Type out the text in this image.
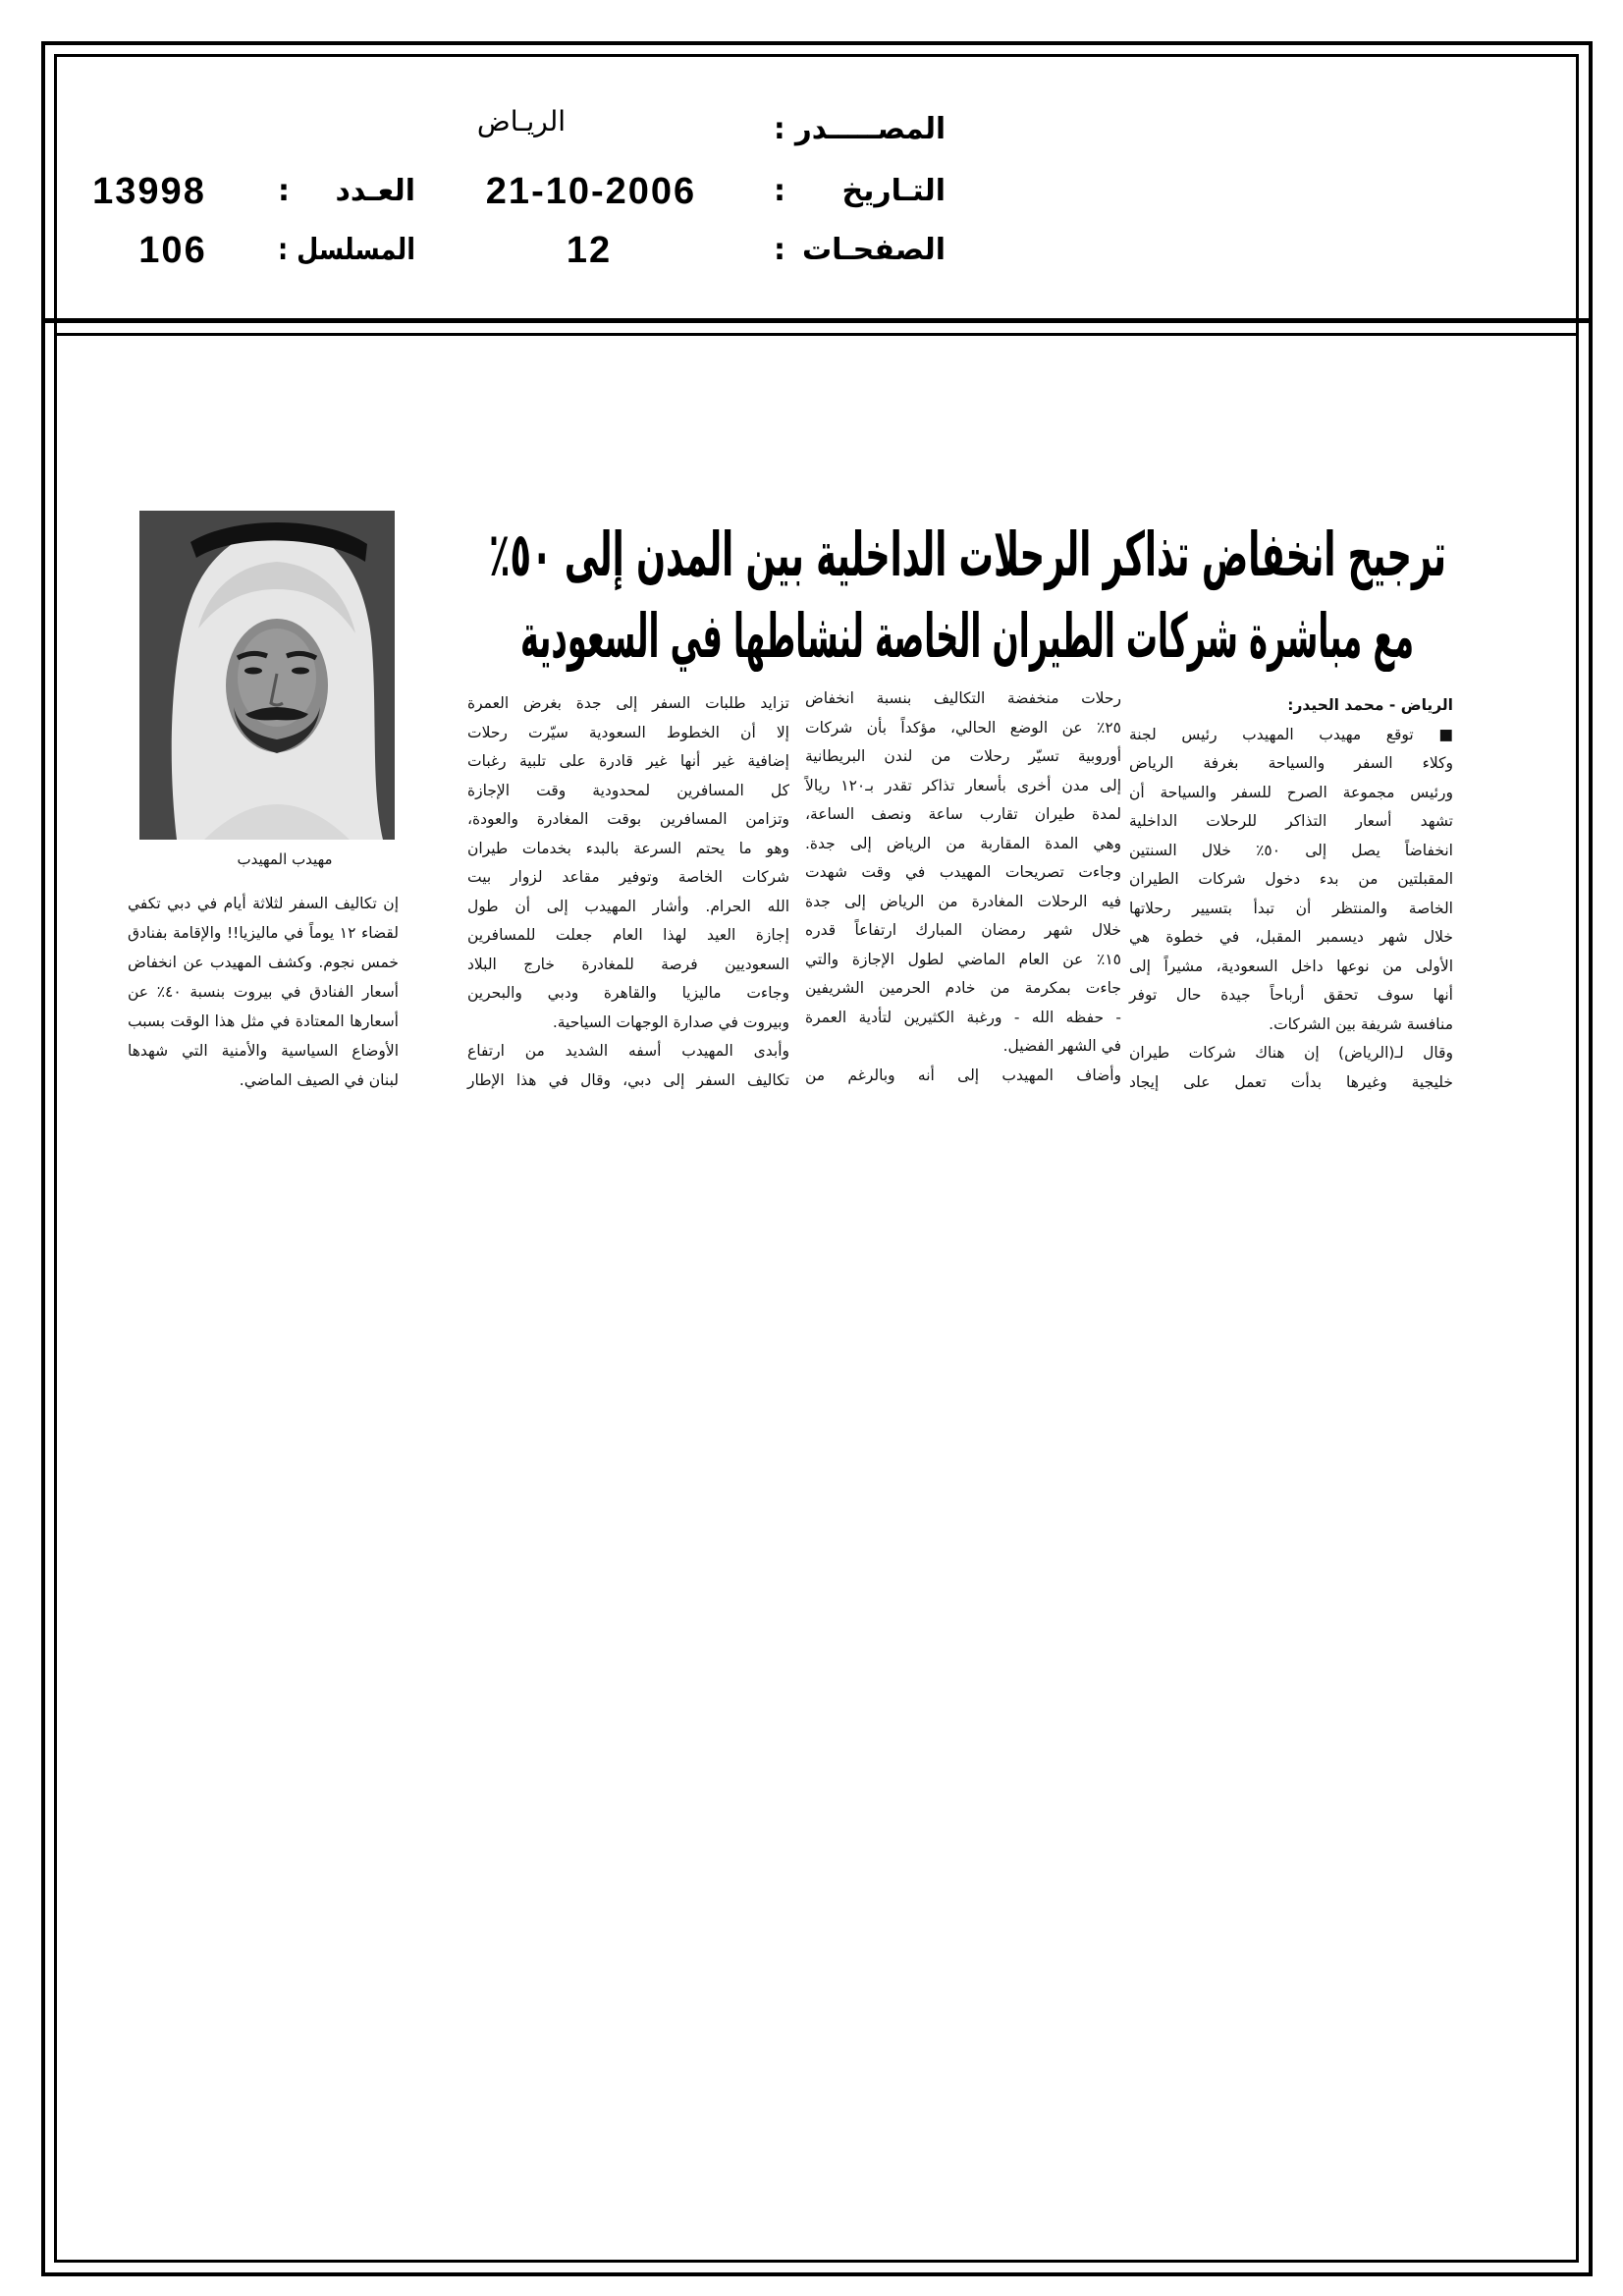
المصـــــدر :
الريـاض
التـاريخ :
21-10-2006
العـدد :
13998
الصفحـات :
12
المسلسل :
106
ترجيح انخفاض تذاكر الرحلات الداخلية بين المدن إلى ٥٠٪
مع مباشرة شركات الطيران الخاصة لنشاطها في السعودية
مهيدب المهيدب
الرياض - محمد الحيدر:
■ توقع مهيدب المهيدب رئيس لجنة
وكلاء السفر والسياحة بغرفة الرياض
ورئيس مجموعة الصرح للسفر والسياحة أن
تشهد أسعار التذاكر للرحلات الداخلية
انخفاضاً يصل إلى ٥٠٪ خلال السنتين
المقبلتين من بدء دخول شركات الطيران
الخاصة والمنتظر أن تبدأ بتسيير رحلاتها
خلال شهر ديسمبر المقبل، في خطوة هي
الأولى من نوعها داخل السعودية، مشيراً إلى
أنها سوف تحقق أرباحاً جيدة حال توفر
منافسة شريفة بين الشركات.
وقال لـ(الرياض) إن هناك شركات طيران
خليجية وغيرها بدأت تعمل على إيجاد
رحلات منخفضة التكاليف بنسبة انخفاض
٢٥٪ عن الوضع الحالي، مؤكداً بأن شركات
أوروبية تسيّر رحلات من لندن البريطانية
إلى مدن أخرى بأسعار تذاكر تقدر بـ١٢٠ ريالاً
لمدة طيران تقارب ساعة ونصف الساعة،
وهي المدة المقاربة من الرياض إلى جدة.
وجاءت تصريحات المهيدب في وقت شهدت
فيه الرحلات المغادرة من الرياض إلى جدة
خلال شهر رمضان المبارك ارتفاعاً قدره
١٥٪ عن العام الماضي لطول الإجازة والتي
جاءت بمكرمة من خادم الحرمين الشريفين
- حفظه الله - ورغبة الكثيرين لتأدية العمرة
في الشهر الفضيل.
وأضاف المهيدب إلى أنه وبالرغم من
تزايد طلبات السفر إلى جدة بغرض العمرة
إلا أن الخطوط السعودية سيّرت رحلات
إضافية غير أنها غير قادرة على تلبية رغبات
كل المسافرين لمحدودية وقت الإجازة
وتزامن المسافرين بوقت المغادرة والعودة،
وهو ما يحتم السرعة بالبدء بخدمات طيران
شركات الخاصة وتوفير مقاعد لزوار بيت
الله الحرام. وأشار المهيدب إلى أن طول
إجازة العيد لهذا العام جعلت للمسافرين
السعوديين فرصة للمغادرة خارج البلاد
وجاءت ماليزيا والقاهرة ودبي والبحرين
وبيروت في صدارة الوجهات السياحية.
وأبدى المهيدب أسفه الشديد من ارتفاع
تكاليف السفر إلى دبي، وقال في هذا الإطار
إن تكاليف السفر لثلاثة أيام في دبي تكفي
لقضاء ١٢ يوماً في ماليزيا!! والإقامة بفنادق
خمس نجوم. وكشف المهيدب عن انخفاض
أسعار الفنادق في بيروت بنسبة ٤٠٪ عن
أسعارها المعتادة في مثل هذا الوقت بسبب
الأوضاع السياسية والأمنية التي شهدها
لبنان في الصيف الماضي.
